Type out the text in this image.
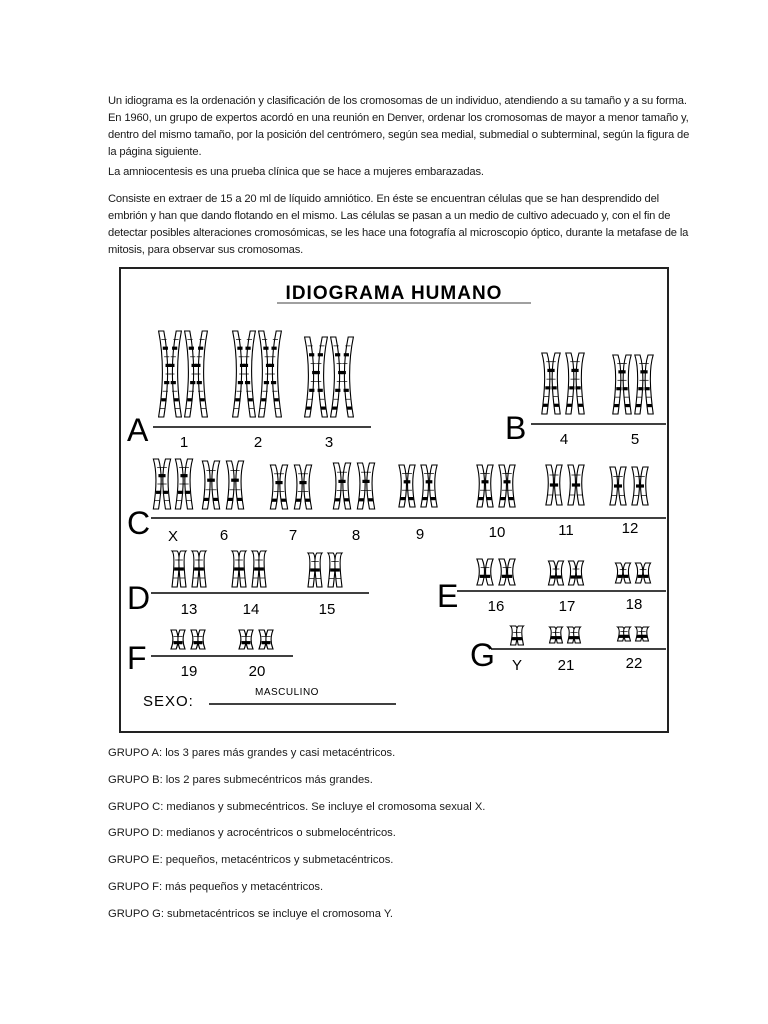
Un idiograma es la ordenación y clasificación de los cromosomas de un individuo, atendiendo a su tamaño y a su forma.
En 1960, un grupo de expertos acordó en una reunión en Denver, ordenar los cromosomas de mayor a menor tamaño y,
dentro del mismo tamaño, por la posición del centrómero, según sea medial, submedial o subterminal, según la figura de
la página siguiente.
La amniocentesis es una prueba clínica que se hace a mujeres embarazadas.
Consiste en extraer de 15 a 20 ml de líquido amniótico. En éste se encuentran células que se han desprendido del
embrión y han que dando flotando en el mismo. Las células se pasan a un medio de cultivo adecuado y, con el fin de
detectar posibles alteraciones cromosómicas, se les hace una fotografía al microscopio óptico, durante la metafase de la
mitosis, para observar sus cromosomas.
IDIOGRAMA HUMANO
A	B
C
D	E
F	G
1	2	3	4	5
X	6	7	8	9	10	11	12
13	14	15	16	17	18
19	20	Y	21	22
SEXO:
MASCULINO
GRUPO A: los 3 pares más grandes y casi metacéntricos.
GRUPO B: los 2 pares submecéntricos más grandes.
GRUPO C: medianos y submecéntricos. Se incluye el cromosoma sexual X.
GRUPO D: medianos y acrocéntricos o submelocéntricos.
GRUPO E: pequeños, metacéntricos y submetacéntricos.
GRUPO F: más pequeños y metacéntricos.
GRUPO G: submetacéntricos se incluye el cromosoma Y.
